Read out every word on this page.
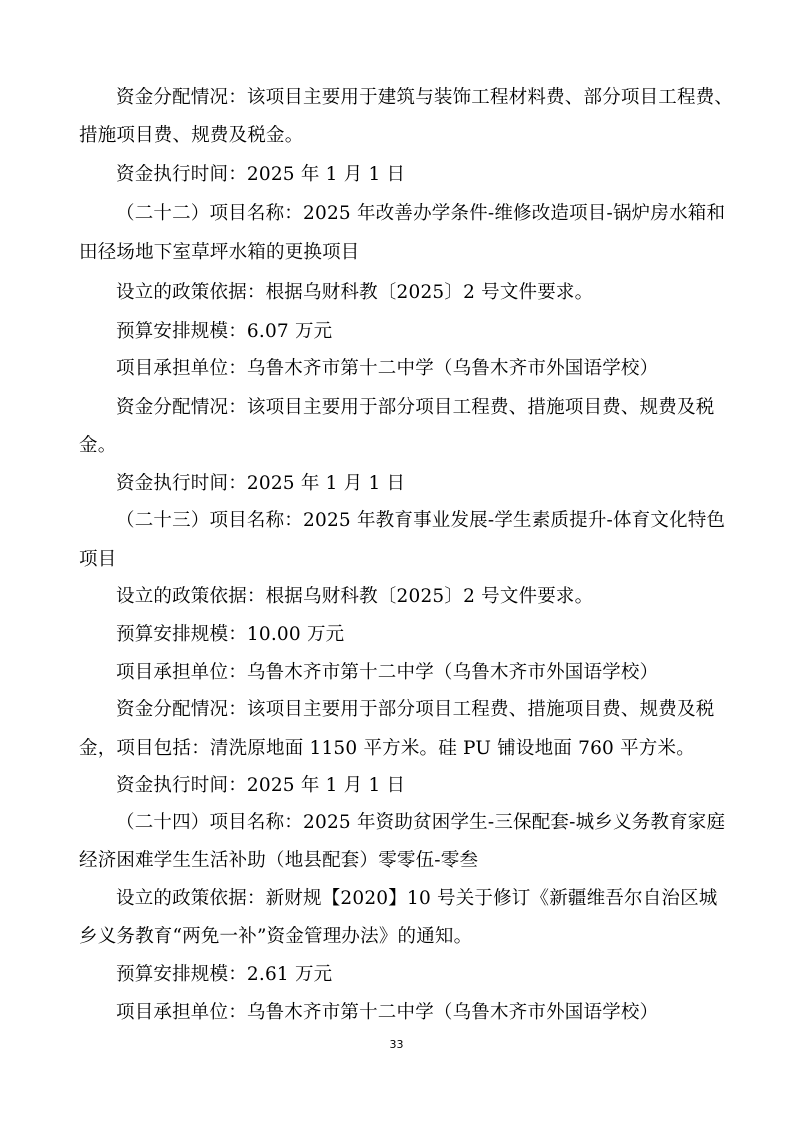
资金分配情况：该项目主要用于建筑与装饰工程材料费、部分项目工程费、
措施项目费、规费及税金。
资金执行时间：2025 年 1 月 1 日
（二十二）项目名称：2025 年改善办学条件-维修改造项目-锅炉房水箱和
田径场地下室草坪水箱的更换项目
设立的政策依据：根据乌财科教〔2025〕2 号文件要求。
预算安排规模：6.07 万元
项目承担单位：乌鲁木齐市第十二中学（乌鲁木齐市外国语学校）
资金分配情况：该项目主要用于部分项目工程费、措施项目费、规费及税
金。
资金执行时间：2025 年 1 月 1 日
（二十三）项目名称：2025 年教育事业发展-学生素质提升-体育文化特色
项目
设立的政策依据：根据乌财科教〔2025〕2 号文件要求。
预算安排规模：10.00 万元
项目承担单位：乌鲁木齐市第十二中学（乌鲁木齐市外国语学校）
资金分配情况：该项目主要用于部分项目工程费、措施项目费、规费及税
金，项目包括：清洗原地面 1150 平方米。硅 PU 铺设地面 760 平方米。
资金执行时间：2025 年 1 月 1 日
（二十四）项目名称：2025 年资助贫困学生-三保配套-城乡义务教育家庭
经济困难学生生活补助（地县配套）零零伍-零叁
设立的政策依据：新财规【2020】10 号关于修订《新疆维吾尔自治区城
乡义务教育“两免一补”资金管理办法》的通知。
预算安排规模：2.61 万元
项目承担单位：乌鲁木齐市第十二中学（乌鲁木齐市外国语学校）
33
